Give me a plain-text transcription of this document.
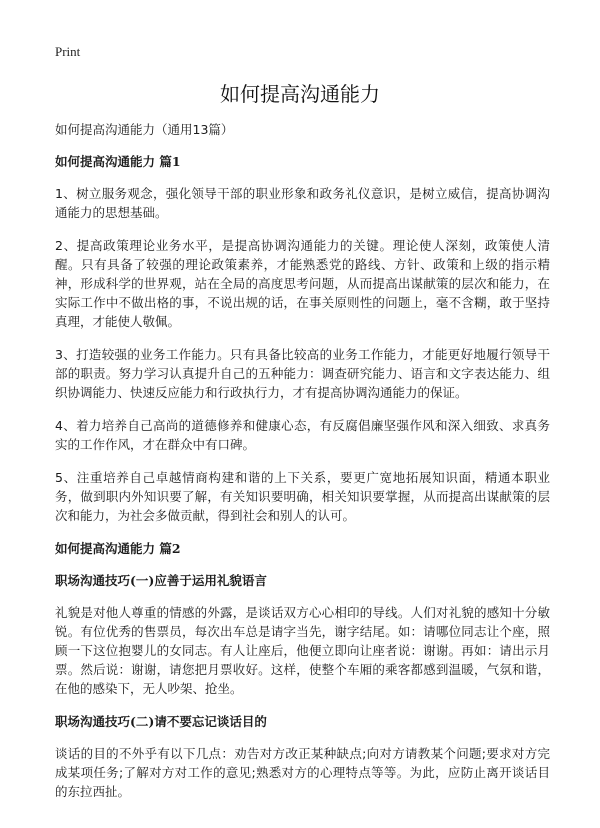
Print
如何提高沟通能力

如何提高沟通能力（通用13篇）

如何提高沟通能力 篇1

1、树立服务观念，强化领导干部的职业形象和政务礼仪意识，是树立威信，提高协调沟通能力的思想基础。

2、提高政策理论业务水平，是提高协调沟通能力的关键。理论使人深刻，政策使人清醒。只有具备了较强的理论政策素养，才能熟悉党的路线、方针、政策和上级的指示精神，形成科学的世界观，站在全局的高度思考问题，从而提高出谋献策的层次和能力，在实际工作中不做出格的事，不说出规的话，在事关原则性的问题上，毫不含糊，敢于坚持真理，才能使人敬佩。

3、打造较强的业务工作能力。只有具备比较高的业务工作能力，才能更好地履行领导干部的职责。努力学习认真提升自己的五种能力：调查研究能力、语言和文字表达能力、组织协调能力、快速反应能力和行政执行力，才有提高协调沟通能力的保证。

4、着力培养自己高尚的道德修养和健康心态，有反腐倡廉坚强作风和深入细致、求真务实的工作作风，才在群众中有口碑。

5、注重培养自己卓越情商构建和谐的上下关系，要更广宽地拓展知识面，精通本职业务，做到职内外知识要了解，有关知识要明确，相关知识要掌握，从而提高出谋献策的层次和能力，为社会多做贡献，得到社会和别人的认可。

如何提高沟通能力 篇2

职场沟通技巧(一)应善于运用礼貌语言

礼貌是对他人尊重的情感的外露，是谈话双方心心相印的导线。人们对礼貌的感知十分敏锐。有位优秀的售票员，每次出车总是请字当先，谢字结尾。如：请哪位同志让个座，照顾一下这位抱婴儿的女同志。有人让座后，他便立即向让座者说：谢谢。再如：请出示月票。然后说：谢谢，请您把月票收好。这样，使整个车厢的乘客都感到温暖，气氛和谐，在他的感染下，无人吵架、抢坐。

职场沟通技巧(二)请不要忘记谈话目的

谈话的目的不外乎有以下几点：劝告对方改正某种缺点;向对方请教某个问题;要求对方完成某项任务;了解对方对工作的意见;熟悉对方的心理特点等等。为此，应防止离开谈话目的东拉西扯。
